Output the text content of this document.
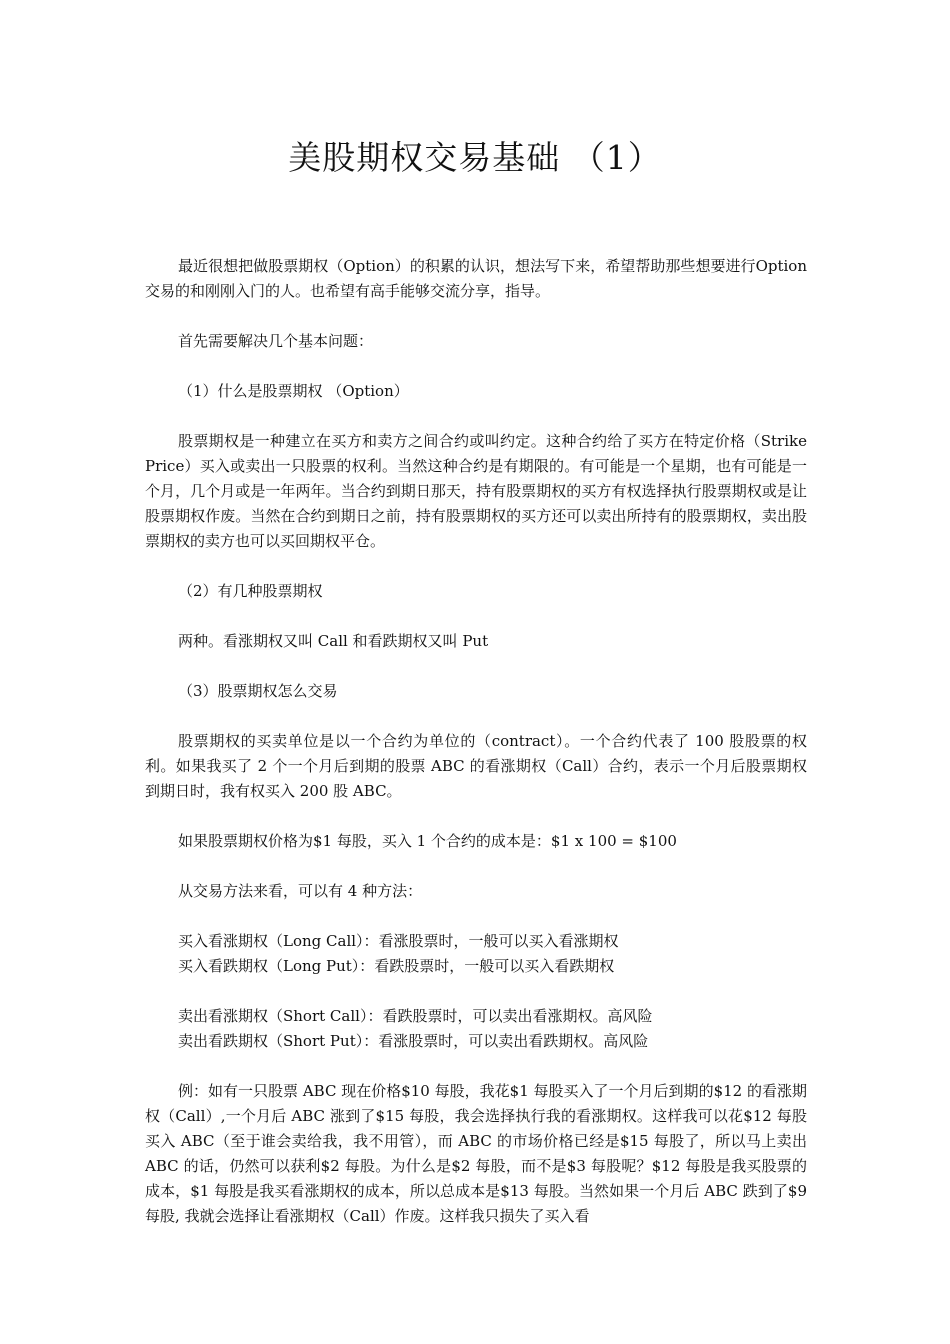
美股期权交易基础 （1）

最近很想把做股票期权（Option）的积累的认识，想法写下来，希望帮助那些想要进行Option交易的和刚刚入门的人。也希望有高手能够交流分享，指导。

首先需要解决几个基本问题：

（1）什么是股票期权 （Option）

股票期权是一种建立在买方和卖方之间合约或叫约定。这种合约给了买方在特定价格（Strike Price）买入或卖出一只股票的权利。当然这种合约是有期限的。有可能是一个星期，也有可能是一个月，几个月或是一年两年。当合约到期日那天，持有股票期权的买方有权选择执行股票期权或是让股票期权作废。当然在合约到期日之前，持有股票期权的买方还可以卖出所持有的股票期权，卖出股票期权的卖方也可以买回期权平仓。

（2）有几种股票期权

两种。看涨期权又叫 Call 和看跌期权又叫 Put

（3）股票期权怎么交易

股票期权的买卖单位是以一个合约为单位的（contract）。一个合约代表了 100 股股票的权利。如果我买了 2 个一个月后到期的股票 ABC 的看涨期权（Call）合约，表示一个月后股票期权到期日时，我有权买入 200 股 ABC。

如果股票期权价格为$1 每股，买入 1 个合约的成本是：$1 x 100 = $100

从交易方法来看，可以有 4 种方法：

买入看涨期权（Long Call）：看涨股票时，一般可以买入看涨期权
买入看跌期权（Long Put）：看跌股票时，一般可以买入看跌期权

卖出看涨期权（Short Call）：看跌股票时，可以卖出看涨期权。高风险
卖出看跌期权（Short Put）：看涨股票时，可以卖出看跌期权。高风险

例：如有一只股票 ABC 现在价格$10 每股，我花$1 每股买入了一个月后到期的$12 的看涨期权（Call）,一个月后 ABC 涨到了$15 每股，我会选择执行我的看涨期权。这样我可以花$12 每股买入 ABC（至于谁会卖给我，我不用管），而 ABC 的市场价格已经是$15 每股了，所以马上卖出 ABC 的话，仍然可以获利$2 每股。为什么是$2 每股，而不是$3 每股呢？$12 每股是我买股票的成本，$1 每股是我买看涨期权的成本，所以总成本是$13 每股。当然如果一个月后 ABC 跌到了$9 每股, 我就会选择让看涨期权（Call）作废。这样我只损失了买入看
